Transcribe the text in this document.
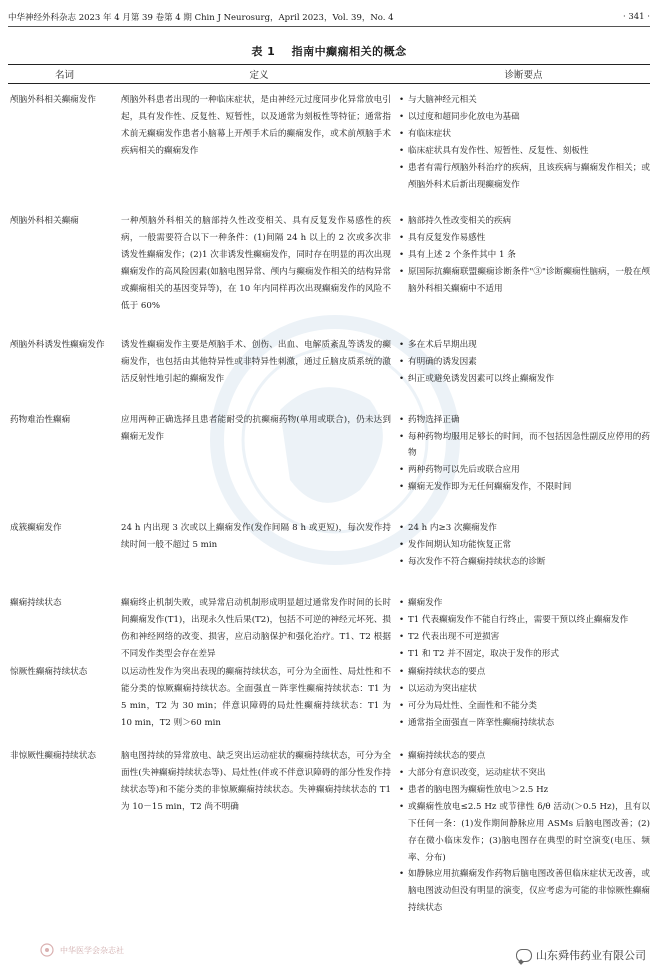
中华神经外科杂志 2023 年 4 月第 39 卷第 4 期 Chin J Neurosurg，April 2023，Vol. 39，No. 4	· 341 ·
表 1 指南中癫痫相关的概念
名词	定义	诊断要点
颅脑外科相关癫痫发作	颅脑外科患者出现的一种临床症状，是由神经元过度同步化异常放电引起，具有发作性、反复性、短暂性，以及通常为刻板性等特征；通常指术前无癫痫发作患者小脑幕上开颅手术后的癫痫发作，或术前颅脑手术疾病相关的癫痫发作
• 与大脑神经元相关
• 以过度和超同步化放电为基础
• 有临床症状
• 临床症状具有发作性、短暂性、反复性、刻板性
• 患者有需行颅脑外科治疗的疾病，且该疾病与癫痫发作相关；或颅脑外科术后新出现癫痫发作
颅脑外科相关癫痫	一种颅脑外科相关的脑部持久性改变相关、具有反复发作易感性的疾病，一般需要符合以下一种条件：(1)间隔 24 h 以上的 2 次或多次非诱发性癫痫发作；(2)1 次非诱发性癫痫发作，同时存在明显的再次出现癫痫发作的高风险因素(如脑电图异常、颅内与癫痫发作相关的结构异常或癫痫相关的基因变异等)，在 10 年内同样再次出现癫痫发作的风险不低于 60%
• 脑部持久性改变相关的疾病
• 具有反复发作易感性
• 具有上述 2 个条件其中 1 条
• 原国际抗癫痫联盟癫痫诊断条件"③"诊断癫痫性脑病，一般在颅脑外科相关癫痫中不适用
颅脑外科诱发性癫痫发作	诱发性癫痫发作主要是颅脑手术、创伤、出血、电解质紊乱等诱发的癫痫发作，也包括由其他特异性或非特异性刺激，通过丘脑皮质系统的激活反射性地引起的癫痫发作
• 多在术后早期出现
• 有明确的诱发因素
• 纠正或避免诱发因素可以终止癫痫发作
药物难治性癫痫	应用两种正确选择且患者能耐受的抗癫痫药物(单用或联合)，仍未达到癫痫无发作
• 药物选择正确
• 每种药物均服用足够长的时间，而不包括因急性副反应停用的药物
• 两种药物可以先后或联合应用
• 癫痫无发作即为无任何癫痫发作，不限时间
成簇癫痫发作	24 h 内出现 3 次或以上癫痫发作(发作间隔 8 h 或更短)，每次发作持续时间一般不超过 5 min
• 24 h 内≥3 次癫痫发作
• 发作间期认知功能恢复正常
• 每次发作不符合癫痫持续状态的诊断
癫痫持续状态	癫痫终止机制失败，或异常启动机制形成明显超过通常发作时间的长时间癫痫发作(T1)，出现永久性后果(T2)，包括不可逆的神经元坏死、损伤和神经网络的改变、损害，应启动脑保护和强化治疗。T1、T2 根据不同发作类型会存在差异
• 癫痫发作
• T1 代表癫痫发作不能自行终止，需要干预以终止癫痫发作
• T2 代表出现不可逆损害
• T1 和 T2 并不固定，取决于发作的形式
惊厥性癫痫持续状态	以运动性发作为突出表现的癫痫持续状态，可分为全面性、局灶性和不能分类的惊厥癫痫持续状态。全面强直－阵挛性癫痫持续状态：T1 为 5 min，T2 为 30 min；伴意识障碍的局灶性癫痫持续状态：T1 为 10 min，T2 则＞60 min
• 癫痫持续状态的要点
• 以运动为突出症状
• 可分为局灶性、全面性和不能分类
• 通常指全面强直－阵挛性癫痫持续状态
非惊厥性癫痫持续状态	脑电图持续的异常放电、缺乏突出运动症状的癫痫持续状态，可分为全面性(失神癫痫持续状态等)、局灶性(伴或不伴意识障碍的部分性发作持续状态等)和不能分类的非惊厥癫痫持续状态。失神癫痫持续状态的 T1 为 10－15 min，T2 尚不明确
• 癫痫持续状态的要点
• 大部分有意识改变，运动症状不突出
• 患者的脑电图为癫痫性放电＞2.5 Hz
• 或癫痫性放电≤2.5 Hz 或节律性 δ/θ 活动(＞0.5 Hz)，且有以下任何一条：(1)发作期间静脉应用 ASMs 后脑电图改善；(2)存在微小临床发作；(3)脑电图存在典型的时空演变(电压、频率、分布)
• 如静脉应用抗癫痫发作药物后脑电图改善但临床症状无改善，或脑电图波动但没有明显的演变，仅应考虑为可能的非惊厥性癫痫持续状态
中华医学会杂志社	山东舜伟药业有限公司
